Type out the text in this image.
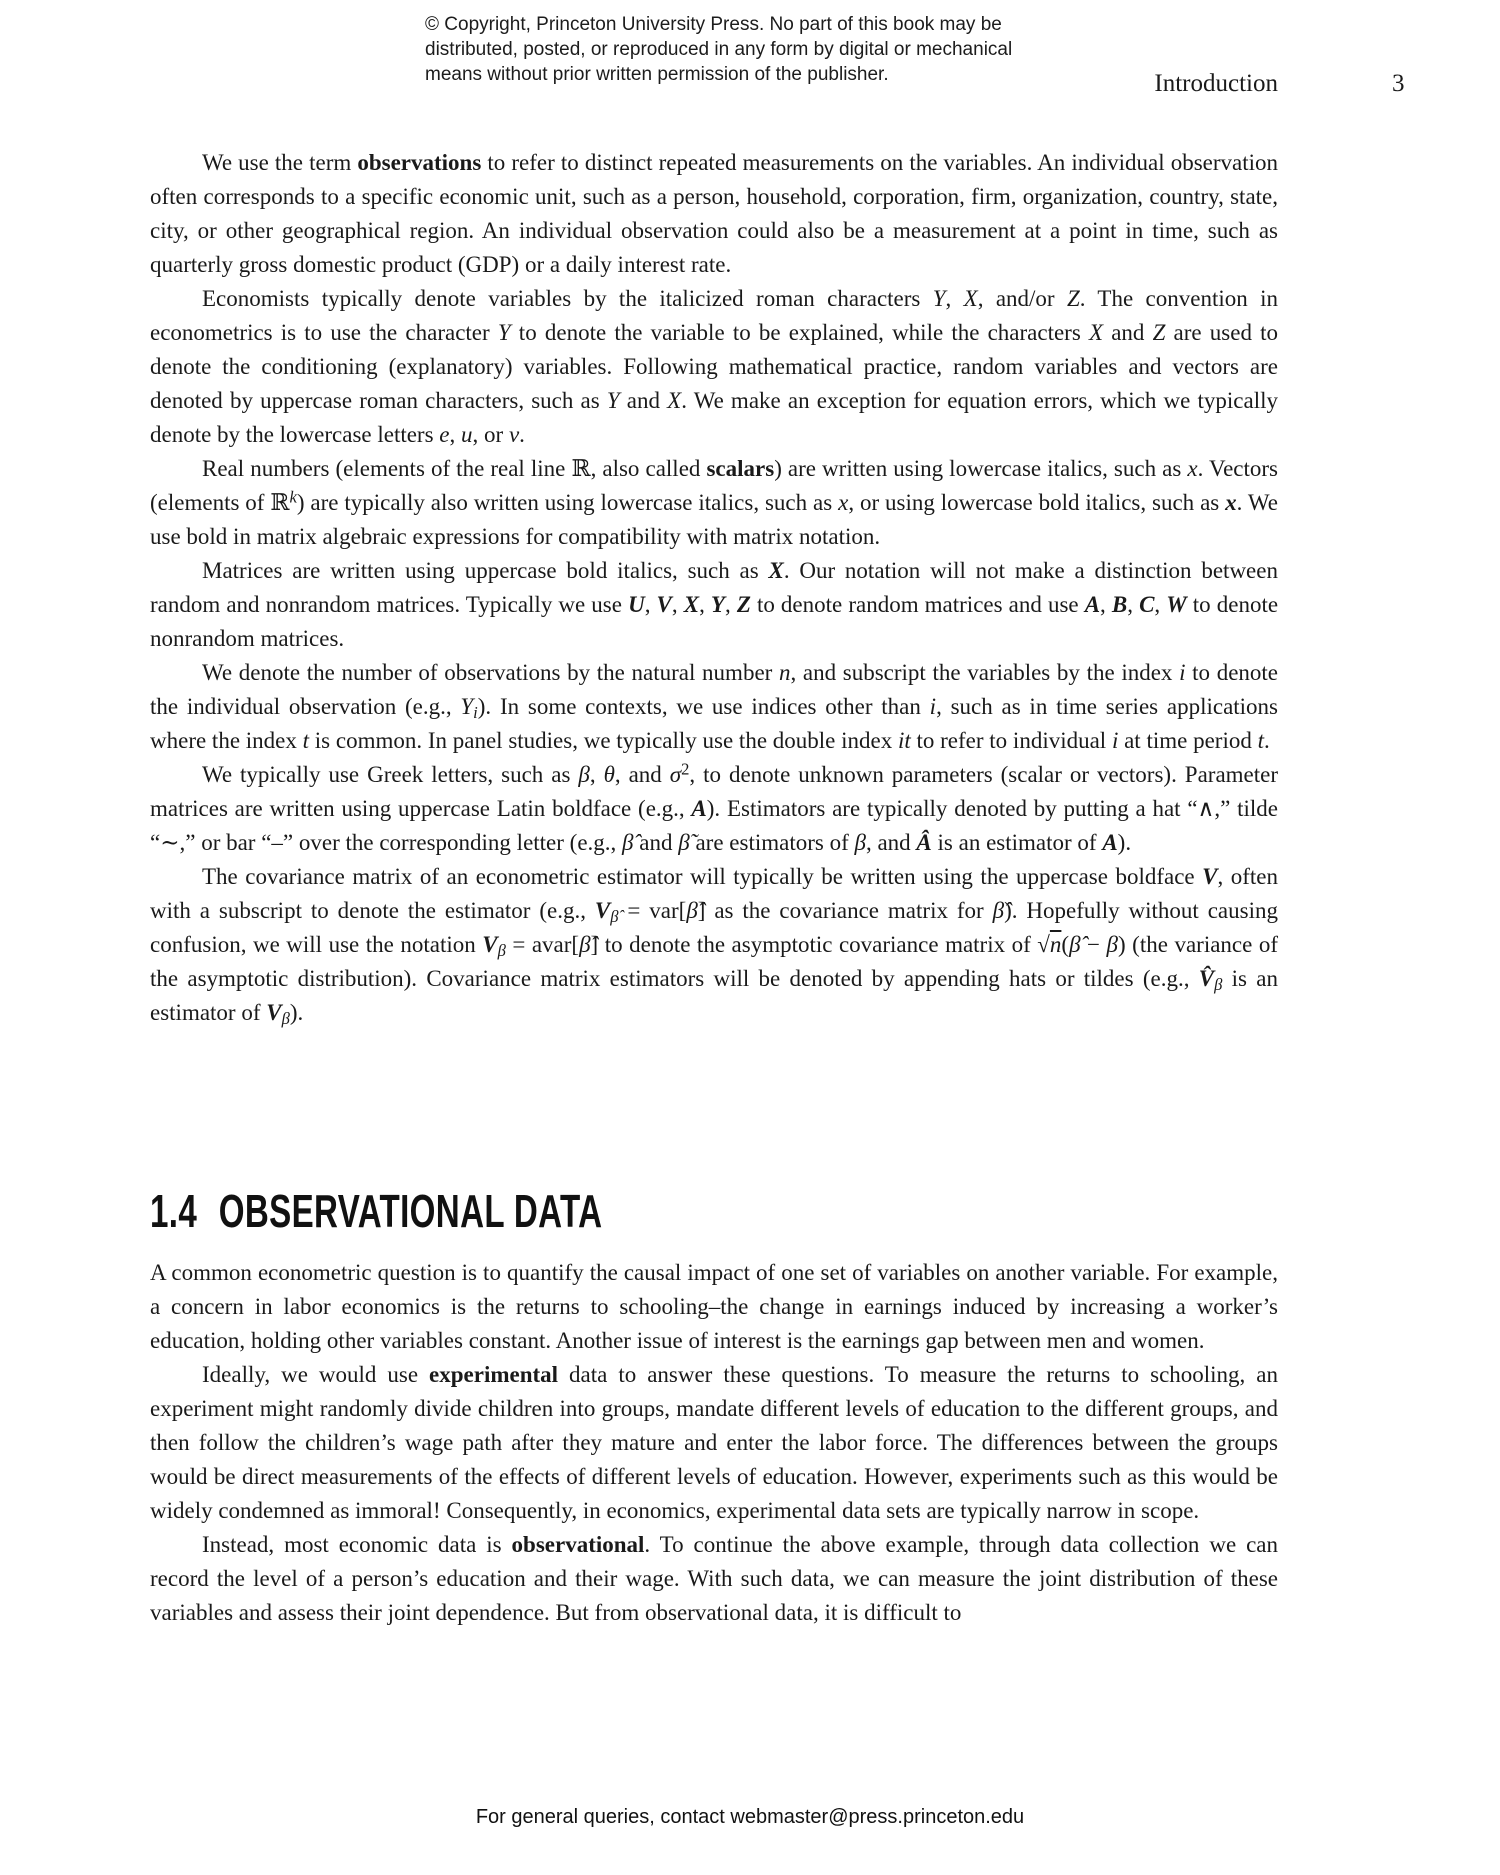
© Copyright, Princeton University Press. No part of this book may be
distributed, posted, or reproduced in any form by digital or mechanical
means without prior written permission of the publisher.	Introduction	3

We use the term observations to refer to distinct repeated measurements on the variables. An individual observation often corresponds to a specific economic unit, such as a person, household, corporation, firm, organization, country, state, city, or other geographical region. An individual observation could also be a measurement at a point in time, such as quarterly gross domestic product (GDP) or a daily interest rate.

Economists typically denote variables by the italicized roman characters Y, X, and/or Z. The convention in econometrics is to use the character Y to denote the variable to be explained, while the characters X and Z are used to denote the conditioning (explanatory) variables. Following mathematical practice, random variables and vectors are denoted by uppercase roman characters, such as Y and X. We make an exception for equation errors, which we typically denote by the lowercase letters e, u, or v.

Real numbers (elements of the real line ℝ, also called scalars) are written using lowercase italics, such as x. Vectors (elements of ℝ$^k$) are typically also written using lowercase italics, such as x, or using lowercase bold italics, such as x. We use bold in matrix algebraic expressions for compatibility with matrix notation.

Matrices are written using uppercase bold italics, such as X. Our notation will not make a distinction between random and nonrandom matrices. Typically we use U, V, X, Y, Z to denote random matrices and use A, B, C, W to denote nonrandom matrices.

We denote the number of observations by the natural number n, and subscript the variables by the index i to denote the individual observation (e.g., $Y_i$). In some contexts, we use indices other than i, such as in time series applications where the index t is common. In panel studies, we typically use the double index it to refer to individual i at time period t.

We typically use Greek letters, such as β, θ, and $\sigma^2$, to denote unknown parameters (scalar or vectors). Parameter matrices are written using uppercase Latin boldface (e.g., A). Estimators are typically denoted by putting a hat “∧,” tilde “∼,” or bar “–” over the corresponding letter (e.g., β̂ and β̃ are estimators of β, and Â is an estimator of A).

The covariance matrix of an econometric estimator will typically be written using the uppercase boldface V, often with a subscript to denote the estimator (e.g., $V_{\betâ}$ = var[β̂] as the covariance matrix for β̂). Hopefully without causing confusion, we will use the notation $V_\beta$ = avar[β̂] to denote the asymptotic covariance matrix of √n(β̂ − β) (the variance of the asymptotic distribution). Covariance matrix estimators will be denoted by appending hats or tildes (e.g., $V̂_\beta$ is an estimator of $V_\beta$).

1.4 OBSERVATIONAL DATA

A common econometric question is to quantify the causal impact of one set of variables on another variable. For example, a concern in labor economics is the returns to schooling–the change in earnings induced by increasing a worker’s education, holding other variables constant. Another issue of interest is the earnings gap between men and women.

Ideally, we would use experimental data to answer these questions. To measure the returns to schooling, an experiment might randomly divide children into groups, mandate different levels of education to the different groups, and then follow the children’s wage path after they mature and enter the labor force. The differences between the groups would be direct measurements of the effects of different levels of education. However, experiments such as this would be widely condemned as immoral! Consequently, in economics, experimental data sets are typically narrow in scope.

Instead, most economic data is observational. To continue the above example, through data collection we can record the level of a person’s education and their wage. With such data, we can measure the joint distribution of these variables and assess their joint dependence. But from observational data, it is difficult to

For general queries, contact webmaster@press.princeton.edu
